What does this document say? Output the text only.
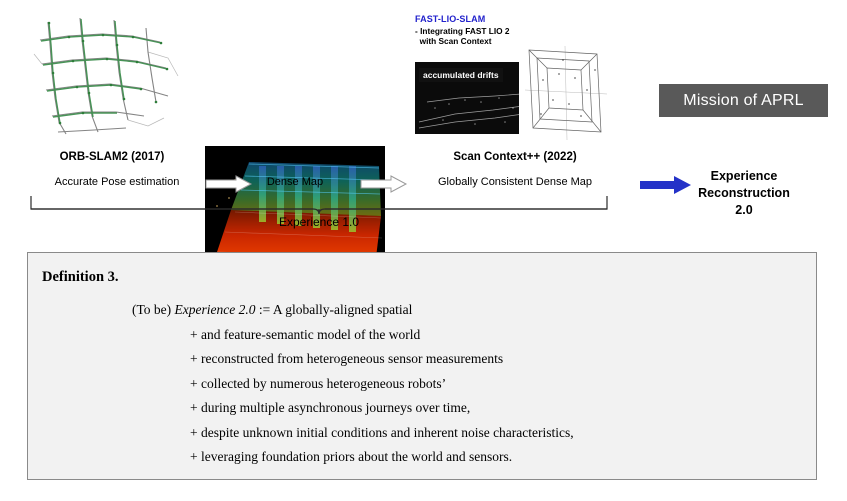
FAST-LIO-SLAM
- Integrating FAST LIO 2
with Scan Context
accumulated drifts
Mission of APRL
ORB-SLAM2 (2017)	FAST-LIO (2020)	Scan Context++ (2022)
Accurate Pose estimation	Dense Map	Globally Consistent Dense Map
Experience 1.0
Experience
Reconstruction
2.0
Definition 3.
(To be) Experience 2.0 := A globally-aligned spatial
+ and feature-semantic model of the world
+ reconstructed from heterogeneous sensor measurements
+ collected by numerous heterogeneous robots’
+ during multiple asynchronous journeys over time,
+ despite unknown initial conditions and inherent noise characteristics,
+ leveraging foundation priors about the world and sensors.
